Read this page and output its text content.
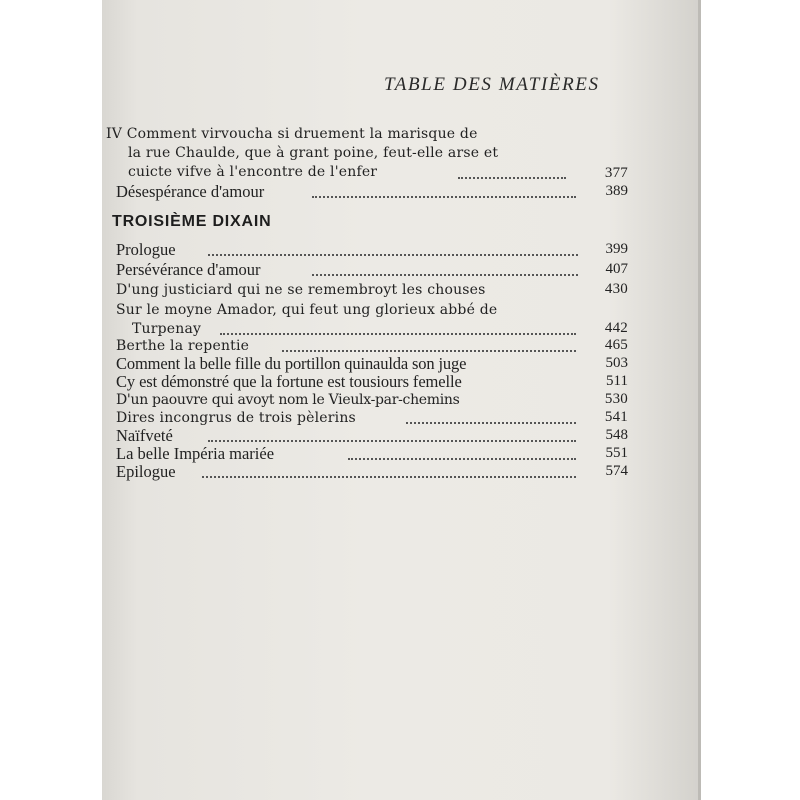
TABLE DES MATIÈRES
IV Comment virvoucha si druement la marisque de
la rue Chaulde, que à grant poine, feut-elle arse et
cuicte vifve à l'encontre de l'enfer	377
Désespérance d'amour	389
TROISIÈME DIXAIN
Prologue	399
Persévérance d'amour	407
D'ung justiciard qui ne se remembroyt les chouses	430
Sur le moyne Amador, qui feut ung glorieux abbé de
Turpenay	442
Berthe la repentie	465
Comment la belle fille du portillon quinaulda son juge	503
Cy est démonstré que la fortune est tousiours femelle	511
D'un paouvre qui avoyt nom le Vieulx-par-chemins	530
Dires incongrus de trois pèlerins	541
Naïfveté	548
La belle Impéria mariée	551
Epilogue	574
